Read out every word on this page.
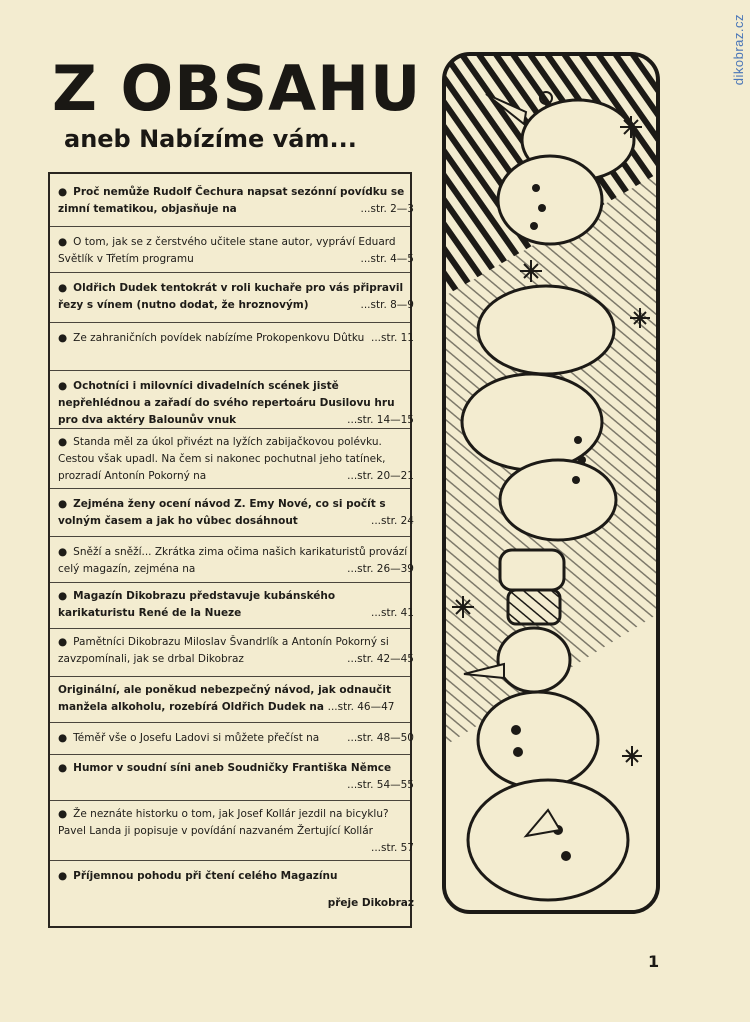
dikobraz.cz
Z OBSAHU
aneb Nabízíme vám...
● Proč nemůže Rudolf Čechura napsat sezónní povídku se zimní tematikou, objasňuje na	...str. 2—3
● O tom, jak se z čerstvého učitele stane autor, vypráví Eduard Světlík v Třetím programu	...str. 4—5
● Oldřich Dudek tentokrát v roli kuchaře pro vás připravil řezy s vínem (nutno dodat, že hroznovým)	...str. 8—9
● Ze zahraničních povídek nabízíme Prokopenkovu Dûtku ...str. 11
● Ochotníci i milovníci divadelních scének jistě nepřehlédnou a zařadí do svého repertoáru Dusilovu hru pro dva aktéry Balounův vnuk	...str. 14—15
● Standa měl za úkol přivézt na lyžích zabijačkovou polévku. Cestou však upadl. Na čem si nakonec pochutnal jeho tatínek, prozradí Antonín Pokorný na	...str. 20—21
● Zejména ženy ocení návod Z. Emy Nové, co si počít s volným časem a jak ho vûbec dosáhnout	...str. 24
● Sněží a sněží... Zkrátka zima očima našich karikaturistů provází celý magazín, zejména na	...str. 26—39
● Magazín Dikobrazu představuje kubánského karikaturistu René de la Nueze	...str. 41
● Pamětníci Dikobrazu Miloslav Švandrlík a Antonín Pokorný si zavzpomínali, jak se drbal Dikobraz	...str. 42—45
Originální, ale poněkud nebezpečný návod, jak odnaučit manžela alkoholu, rozebírá Oldřich Dudek na ...str. 46—47
● Téměř vše o Josefu Ladovi si můžete přečíst na	...str. 48—50
● Humor v soudní síni aneb Soudničky Františka Němce
...str. 54—55
● Že neznáte historku o tom, jak Josef Kollár jezdil na bicyklu? Pavel Landa ji popisuje v povídání nazvaném Žertující Kollár
...str. 57
● Příjemnou pohodu při čtení celého Magazínu
přeje Dikobraz
1
